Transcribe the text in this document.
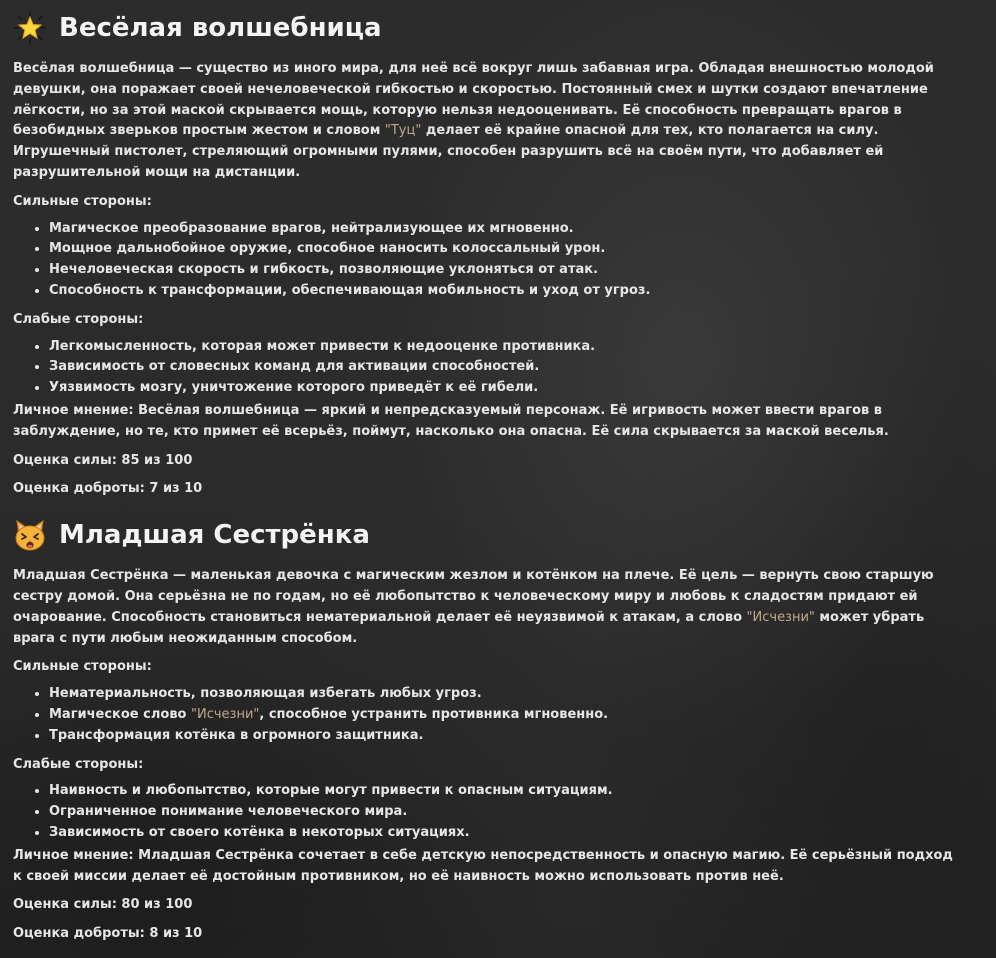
Весёлая волшебница

Весёлая волшебница — существо из иного мира, для неё всё вокруг лишь забавная игра. Обладая внешностью молодой девушки, она поражает своей нечеловеческой гибкостью и скоростью. Постоянный смех и шутки создают впечатление лёгкости, но за этой маской скрывается мощь, которую нельзя недооценивать. Её способность превращать врагов в безобидных зверьков простым жестом и словом "Туц" делает её крайне опасной для тех, кто полагается на силу. Игрушечный пистолет, стреляющий огромными пулями, способен разрушить всё на своём пути, что добавляет ей разрушительной мощи на дистанции.

Сильные стороны:

• Магическое преобразование врагов, нейтрализующее их мгновенно.
• Мощное дальнобойное оружие, способное наносить колоссальный урон.
• Нечеловеческая скорость и гибкость, позволяющие уклоняться от атак.
• Способность к трансформации, обеспечивающая мобильность и уход от угроз.

Слабые стороны:

• Легкомысленность, которая может привести к недооценке противника.
• Зависимость от словесных команд для активации способностей.
• Уязвимость мозгу, уничтожение которого приведёт к её гибели.

Личное мнение: Весёлая волшебница — яркий и непредсказуемый персонаж. Её игривость может ввести врагов в заблуждение, но те, кто примет её всерьёз, поймут, насколько она опасна. Её сила скрывается за маской веселья.

Оценка силы: 85 из 100

Оценка доброты: 7 из 10

Младшая Сестрёнка

Младшая Сестрёнка — маленькая девочка с магическим жезлом и котёнком на плече. Её цель — вернуть свою старшую сестру домой. Она серьёзна не по годам, но её любопытство к человеческому миру и любовь к сладостям придают ей очарование. Способность становиться нематериальной делает её неуязвимой к атакам, а слово "Исчезни" может убрать врага с пути любым неожиданным способом.

Сильные стороны:

• Нематериальность, позволяющая избегать любых угроз.
• Магическое слово "Исчезни", способное устранить противника мгновенно.
• Трансформация котёнка в огромного защитника.

Слабые стороны:

• Наивность и любопытство, которые могут привести к опасным ситуациям.
• Ограниченное понимание человеческого мира.
• Зависимость от своего котёнка в некоторых ситуациях.

Личное мнение: Младшая Сестрёнка сочетает в себе детскую непосредственность и опасную магию. Её серьёзный подход к своей миссии делает её достойным противником, но её наивность можно использовать против неё.

Оценка силы: 80 из 100

Оценка доброты: 8 из 10
